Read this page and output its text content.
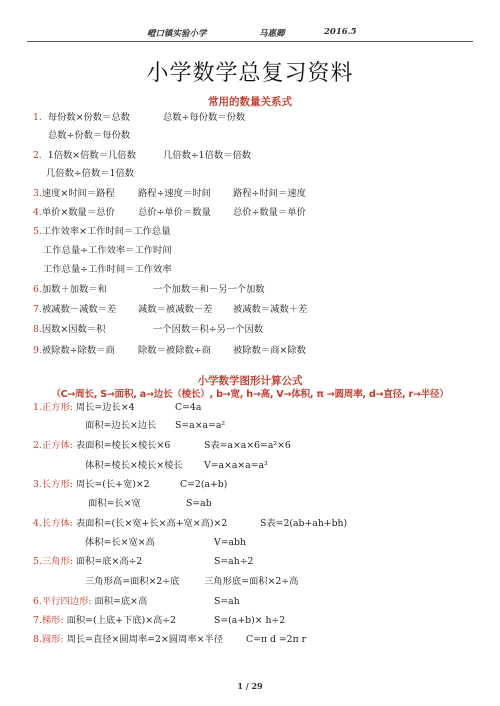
嶝口镇实验小学	马惠卿	2016.5
小学数学总复习资料
常用的数量关系式
1. 每份数×份数＝总数	总数÷每份数＝份数
总数÷份数＝每份数
2. 1倍数×倍数＝几倍数	几倍数÷1倍数＝倍数
几倍数÷倍数＝1倍数
3.速度×时间＝路程	路程÷速度＝时间 路程÷时间＝速度
4.单价×数量＝总价	总价÷单价＝数量 总价÷数量＝单价
5.工作效率×工作时间＝工作总量
工作总量÷工作效率＝工作时间
工作总量÷工作时间＝工作效率
6.加数＋加数＝和	一个加数＝和－另一个加数
7.被减数－减数＝差 减数＝被减数－差 被减数＝减数＋差
8.因数×因数＝积	一个因数＝积÷另一个因数
9.被除数÷除数＝商	除数＝被除数÷商 被除数＝商×除数
小学数学图形计算公式
（C→周长, S→面积, a→边长（棱长）, b→宽, h→高, V→体积, π →圆周率, d→直径, r→半径）
1.正方形: 周长=边长×4	C=4a
面积=边长×边长 S=a×a=a²
2.正方体: 表面积=棱长×棱长×6	S表=a×a×6=a²×6
体积=棱长×棱长×棱长 V=a×a×a=a³
3.长方形: 周长=(长+宽)×2	C=2(a+b)
面积=长×宽	S=ab
4.长方体: 表面积=(长×宽+长×高+宽×高)×2	S表=2(ab+ah+bh)
体积=长×宽×高	V=abh
5.三角形: 面积=底×高÷2	S=ah÷2
三角形高=面积×2÷底	三角形底=面积×2÷高
6.平行四边形: 面积=底×高	S=ah
7.梯形: 面积=(上底+下底)×高÷2	S=(a+b)× h÷2
8.圆形: 周长=直径×圆周率=2×圆周率×半径 C=π d =2π r
1 / 29
